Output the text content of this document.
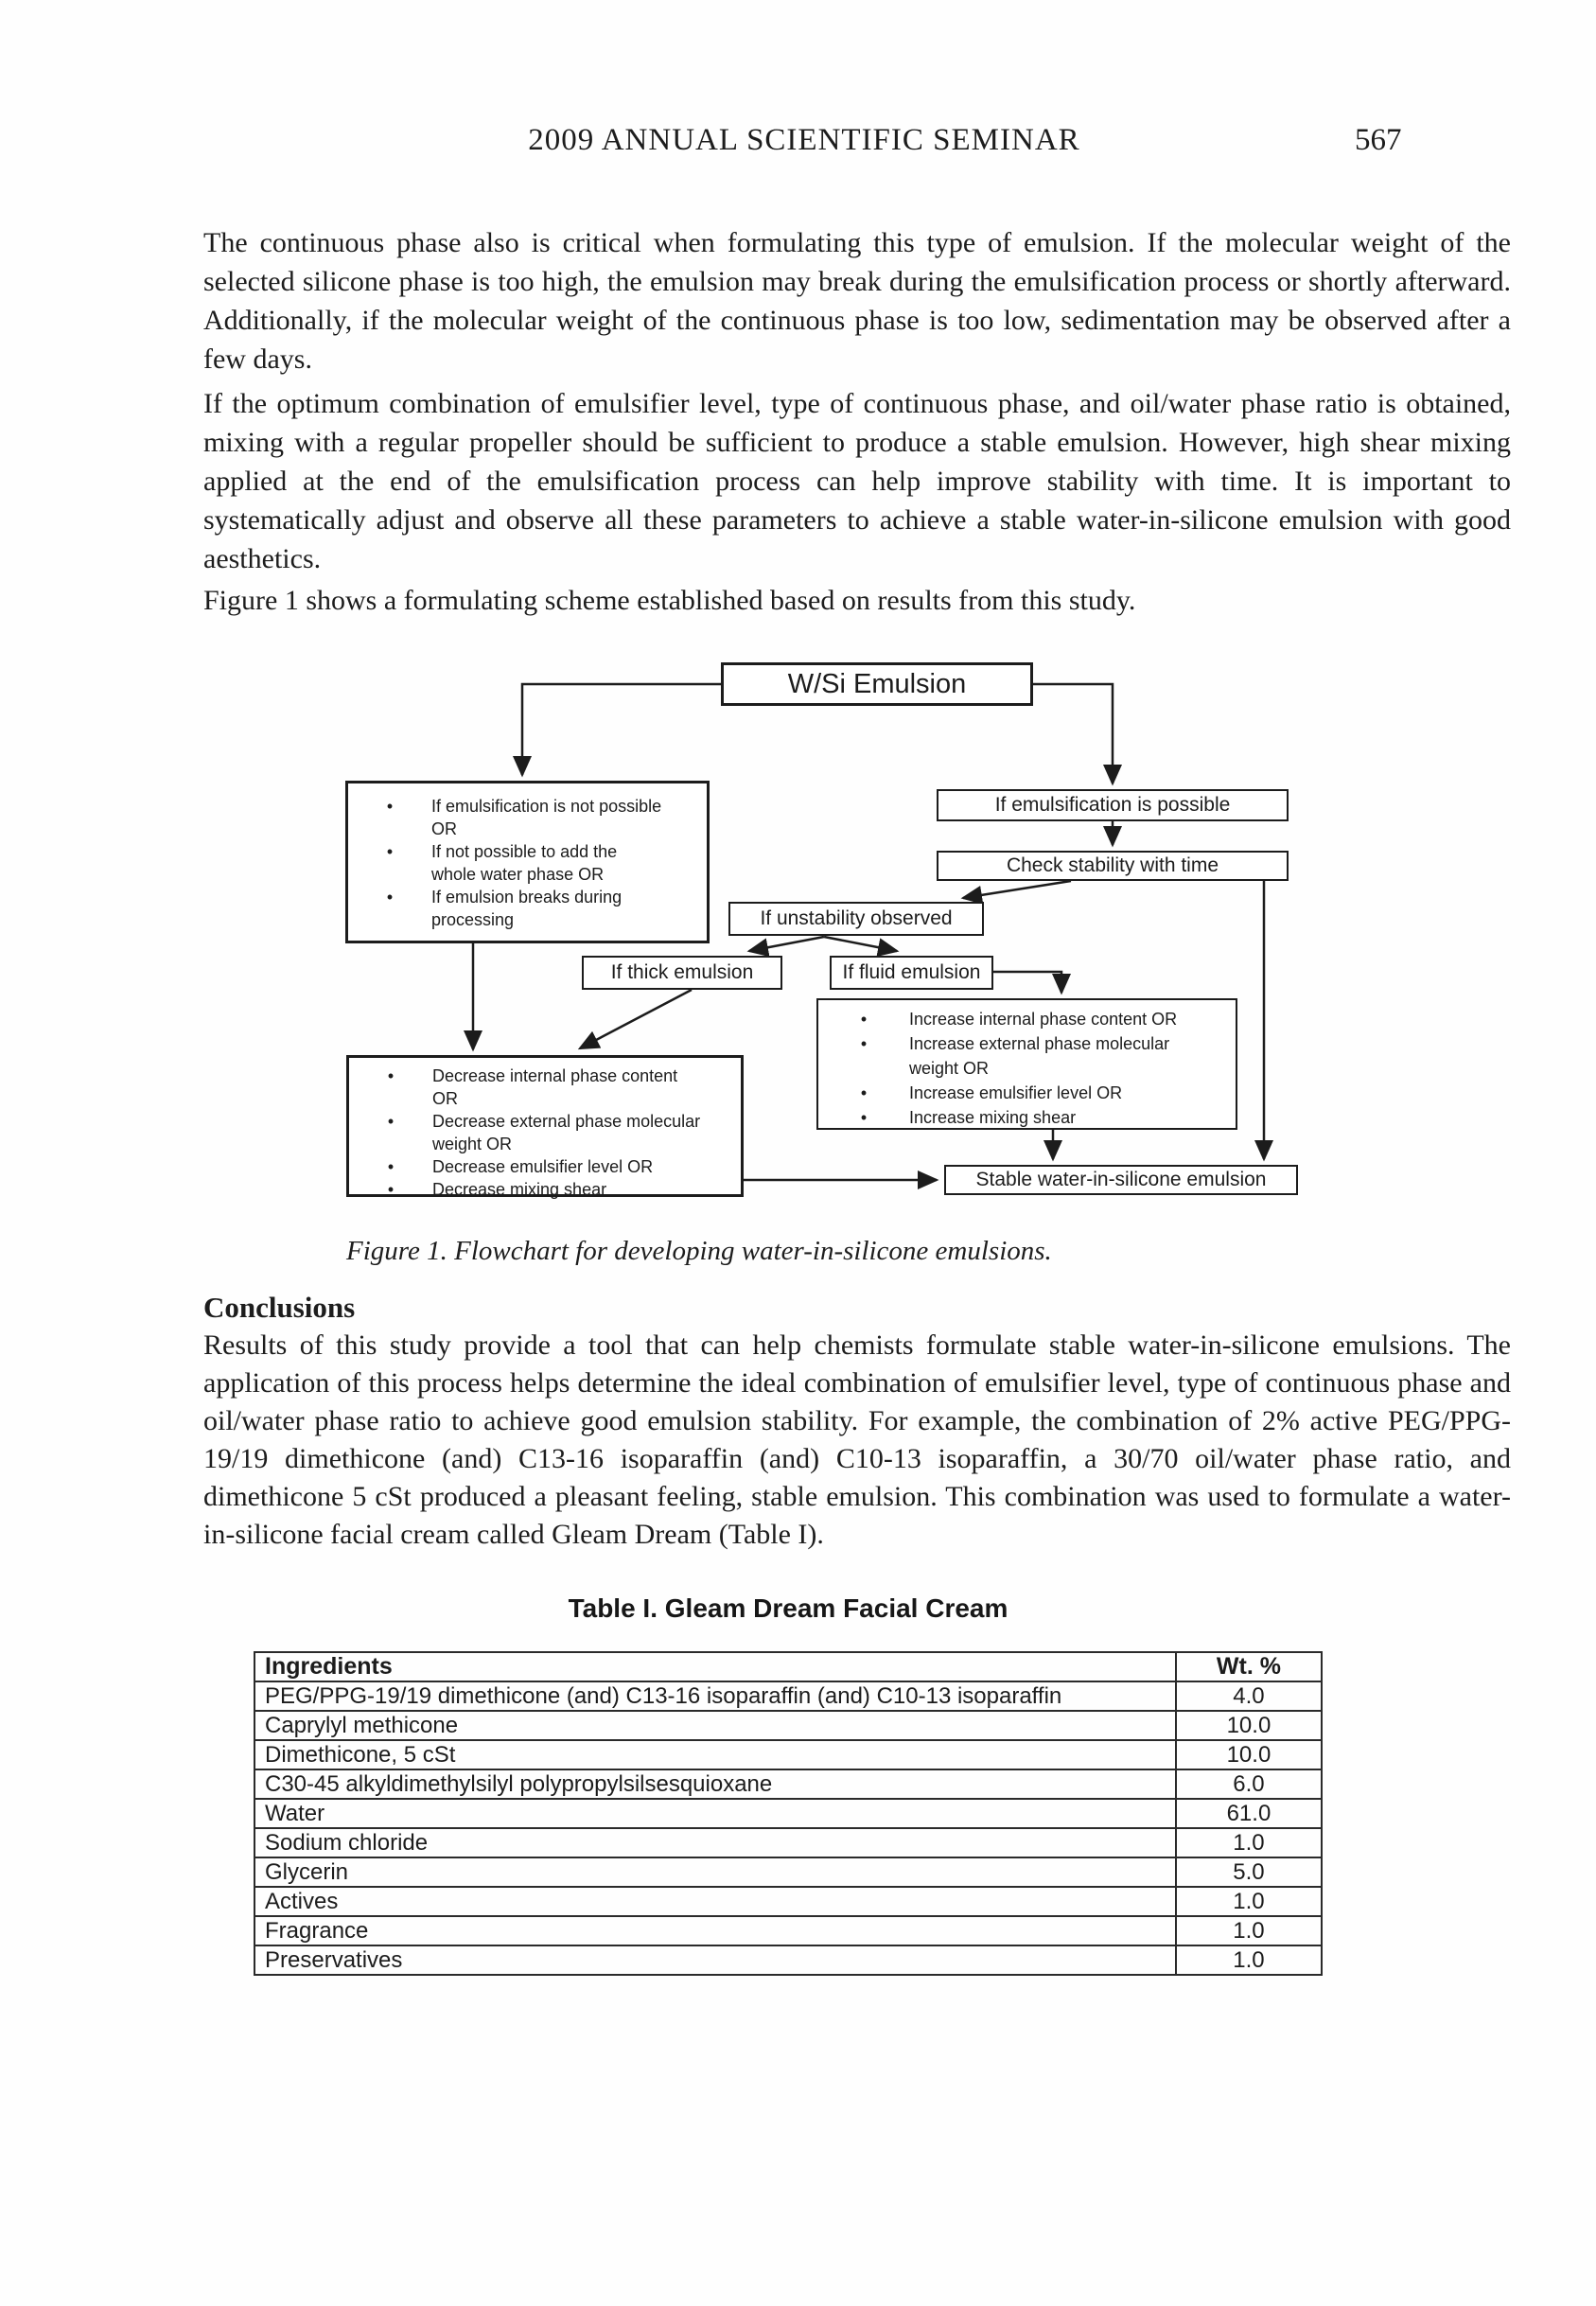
2009 ANNUAL SCIENTIFIC SEMINAR	567
The continuous phase also is critical when formulating this type of emulsion. If the molecular weight of the selected silicone phase is too high, the emulsion may break during the emulsification process or shortly afterward. Additionally, if the molecular weight of the continuous phase is too low, sedimentation may be observed after a few days.
If the optimum combination of emulsifier level, type of continuous phase, and oil/water phase ratio is obtained, mixing with a regular propeller should be sufficient to produce a stable emulsion. However, high shear mixing applied at the end of the emulsification process can help improve stability with time. It is important to systematically adjust and observe all these parameters to achieve a stable water-in-silicone emulsion with good aesthetics.
Figure 1 shows a formulating scheme established based on results from this study.
W/Si Emulsion
•	If emulsification is not possible OR
•	If not possible to add the whole water phase OR
•	If emulsion breaks during processing
If emulsification is possible
Check stability with time
If unstability observed
If thick emulsion	If fluid emulsion
•	Increase internal phase content OR
•	Increase external phase molecular weight OR
•	Increase emulsifier level OR
•	Increase mixing shear
•	Decrease internal phase content OR
•	Decrease external phase molecular weight OR
•	Decrease emulsifier level OR
•	Decrease mixing shear	Stable water-in-silicone emulsion
Figure 1. Flowchart for developing water-in-silicone emulsions.
Conclusions
Results of this study provide a tool that can help chemists formulate stable water-in-silicone emulsions. The application of this process helps determine the ideal combination of emulsifier level, type of continuous phase and oil/water phase ratio to achieve good emulsion stability. For example, the combination of 2% active PEG/PPG-19/19 dimethicone (and) C13-16 isoparaffin (and) C10-13 isoparaffin, a 30/70 oil/water phase ratio, and dimethicone 5 cSt produced a pleasant feeling, stable emulsion. This combination was used to formulate a water-in-silicone facial cream called Gleam Dream (Table I).
Table I. Gleam Dream Facial Cream
Ingredients	Wt. %
PEG/PPG-19/19 dimethicone (and) C13-16 isoparaffin (and) C10-13 isoparaffin	4.0
Caprylyl methicone	10.0
Dimethicone, 5 cSt	10.0
C30-45 alkyldimethylsilyl polypropylsilsesquioxane	6.0
Water	61.0
Sodium chloride	1.0
Glycerin	5.0
Actives	1.0
Fragrance	1.0
Preservatives	1.0
